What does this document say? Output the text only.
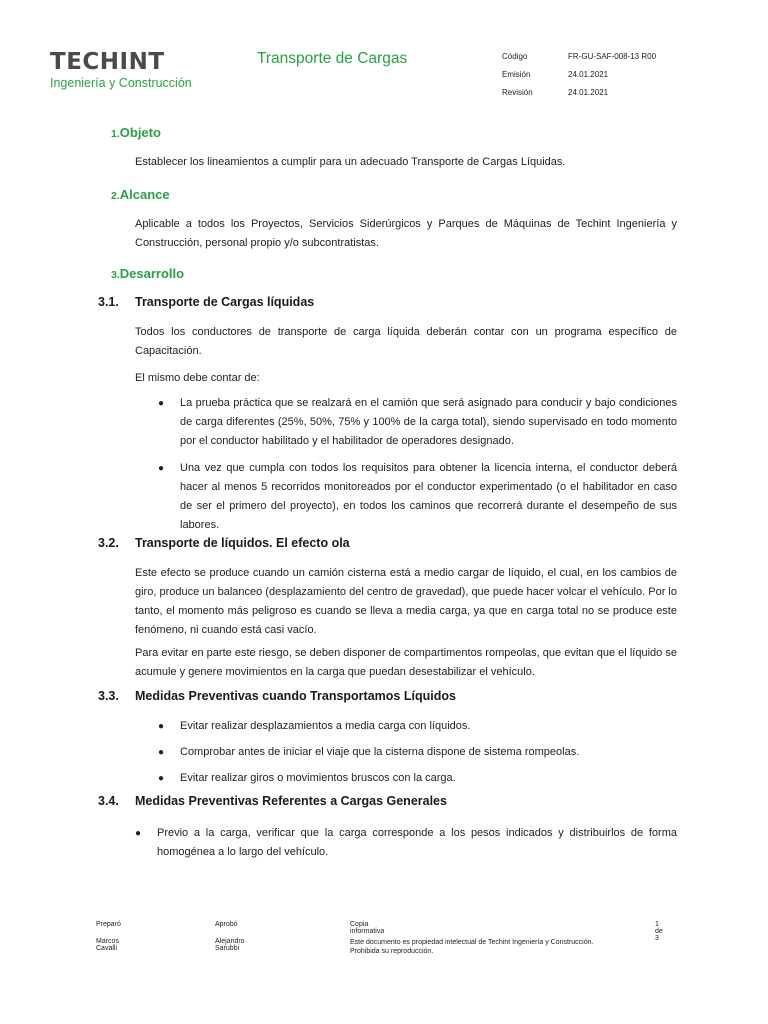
TECHINT
Ingeniería y Construcción
Transporte de Cargas	Código	FR-GU-SAF-008-13 R00
Emisión	24.01.2021
Revisión	24.01.2021
1.Objeto
Establecer los lineamientos a cumplir para un adecuado Transporte de Cargas Líquidas.
2.Alcance
Aplicable a todos los Proyectos, Servicios Siderúrgicos y Parques de Máquinas de Techint Ingeniería y Construcción, personal propio y/o subcontratistas.
3.Desarrollo
3.1.	Transporte de Cargas líquidas
Todos los conductores de transporte de carga líquida deberán contar con un programa específico de Capacitación.
El mismo debe contar de:
● La prueba práctica que se realzará en el camión que será asignado para conducir y bajo condiciones de carga diferentes (25%, 50%, 75% y 100% de la carga total), siendo supervisado en todo momento por el conductor habilitado y el habilitador de operadores designado.
● Una vez que cumpla con todos los requisitos para obtener la licencia interna, el conductor deberá hacer al menos 5 recorridos monitoreados por el conductor experimentado (o el habilitador en caso de ser el primero del proyecto), en todos los caminos que recorrerá durante el desempeño de sus labores.
3.2.	Transporte de líquidos. El efecto ola
Este efecto se produce cuando un camión cisterna está a medio cargar de líquido, el cual, en los cambios de giro, produce un balanceo (desplazamiento del centro de gravedad), que puede hacer volcar el vehículo. Por lo tanto, el momento más peligroso es cuando se lleva a media carga, ya que en carga total no se produce este fenómeno, ni cuando está casi vacío.
Para evitar en parte este riesgo, se deben disponer de compartimentos rompeolas, que evitan que el líquido se acumule y genere movimientos en la carga que puedan desestabilizar el vehículo.
3.3.	Medidas Preventivas cuando Transportamos Líquidos
● Evitar realizar desplazamientos a media carga con líquidos.
● Comprobar antes de iniciar el viaje que la cisterna dispone de sistema rompeolas.
● Evitar realizar giros o movimientos bruscos con la carga.
3.4.	Medidas Preventivas Referentes a Cargas Generales
● Previo a la carga, verificar que la carga corresponde a los pesos indicados y distribuirlos de forma homogénea a lo largo del vehículo.
Preparó
Marcos Cavalli
Aprobó
Alejandro Sarubbi
Copia informativa
Este documento es propiedad intelectual de Techint Ingeniería y Construcción. Prohibida su reproducción.
1 de 3
